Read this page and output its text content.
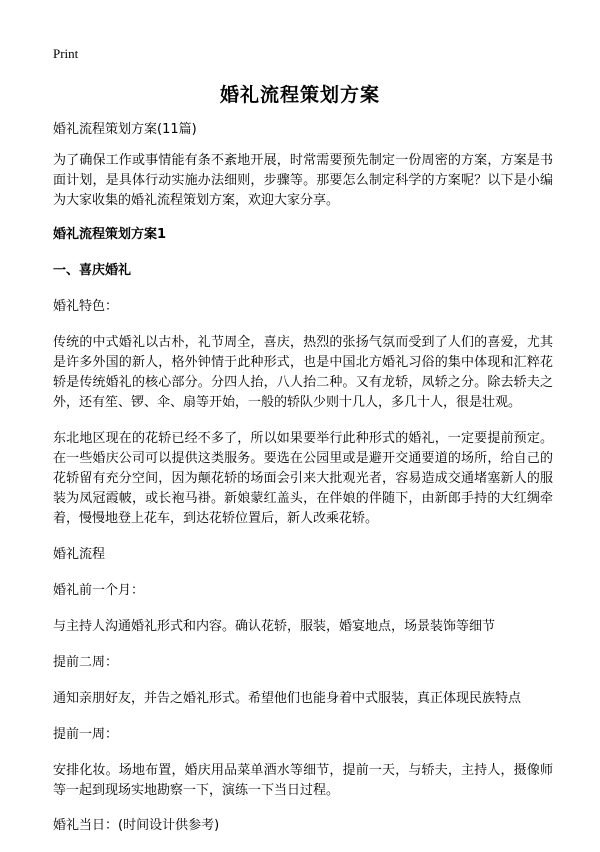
Print
婚礼流程策划方案
婚礼流程策划方案(11篇)
为了确保工作或事情能有条不紊地开展，时常需要预先制定一份周密的方案，方案是书面计划，是具体行动实施办法细则，步骤等。那要怎么制定科学的方案呢？以下是小编为大家收集的婚礼流程策划方案，欢迎大家分享。
婚礼流程策划方案1
一、喜庆婚礼
婚礼特色：
传统的中式婚礼以古朴，礼节周全，喜庆，热烈的张扬气氛而受到了人们的喜爱，尤其是许多外国的新人，格外钟情于此种形式，也是中国北方婚礼习俗的集中体现和汇粹花轿是传统婚礼的核心部分。分四人抬，八人抬二种。又有龙轿，凤轿之分。除去轿夫之外，还有笙、锣、伞、扇等开始，一般的轿队少则十几人，多几十人，很是壮观。
东北地区现在的花轿已经不多了，所以如果要举行此种形式的婚礼，一定要提前预定。在一些婚庆公司可以提供这类服务。要选在公园里或是避开交通要道的场所，给自己的花轿留有充分空间，因为颠花轿的场面会引来大批观光者，容易造成交通堵塞新人的服装为凤冠霞帔，或长袍马褂。新娘蒙红盖头，在伴娘的伴随下，由新郎手持的大红绸牵着，慢慢地登上花车，到达花轿位置后，新人改乘花轿。
婚礼流程
婚礼前一个月：
与主持人沟通婚礼形式和内容。确认花轿，服装，婚宴地点，场景装饰等细节
提前二周：
通知亲朋好友，并告之婚礼形式。希望他们也能身着中式服装，真正体现民族特点
提前一周：
安排化妆。场地布置，婚庆用品菜单酒水等细节，提前一天，与轿夫，主持人，摄像师等一起到现场实地勘察一下，演练一下当日过程。
婚礼当日：(时间设计供参考)
